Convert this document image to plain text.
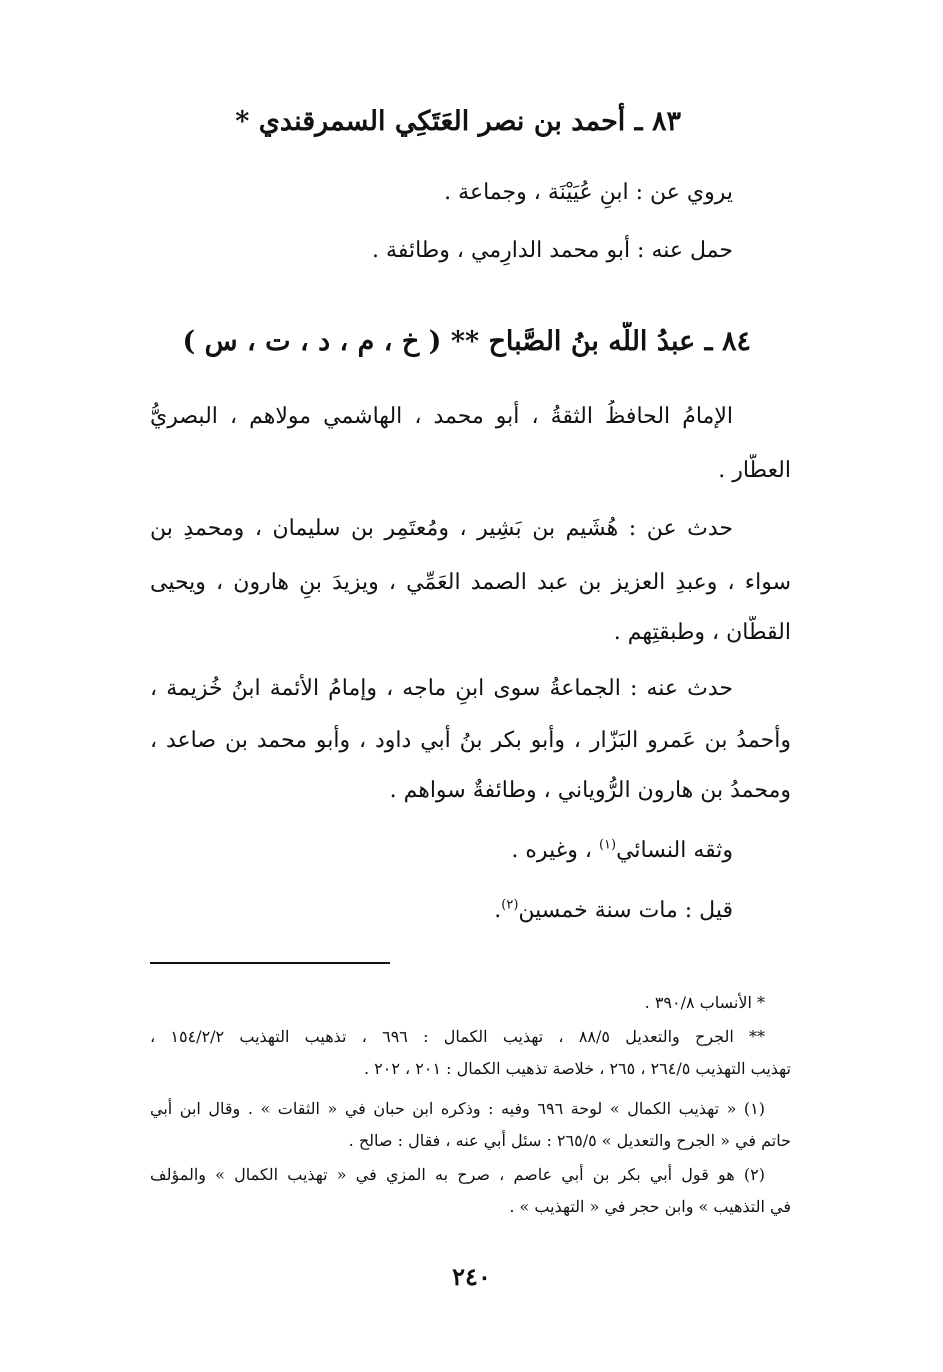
٨٣ ـ أحمد بن نصر العَتَكِي السمرقندي *
يروي عن : ابنِ عُيَيْنَة ، وجماعة .
حمل عنه : أبو محمد الدارِمي ، وطائفة .
٨٤ ـ عبدُ اللّه بنُ الصَّباح ** ( خ ، م ، د ، ت ، س )
الإمامُ الحافظُ الثقةُ ، أبو محمد ، الهاشمي مولاهم ، البصريُّ
العطّار .
حدث عن : هُشَيم بن بَشِير ، ومُعتَمِر بن سليمان ، ومحمدِ بن
سواء ، وعبدِ العزيز بن عبد الصمد العَمِّي ، ويزيدَ بنِ هارون ، ويحيى
القطّان ، وطبقتِهم .
حدث عنه : الجماعةُ سوى ابنِ ماجه ، وإمامُ الأئمة ابنُ خُزيمة ،
وأحمدُ بن عَمرو البَزّار ، وأبو بكر بنُ أبي داود ، وأبو محمد بن صاعد ،
ومحمدُ بن هارون الرُّوياني ، وطائفةٌ سواهم .
وثقه النسائي$^{(١)}$ ، وغيره .
قيل : مات سنة خمسين$^{(٢)}$.
* الأنساب ٣٩٠/٨ .
** الجرح والتعديل ٨٨/٥ ، تهذيب الكمال : ٦٩٦ ، تذهيب التهذيب ١٥٤/٢/٢ ،
تهذيب التهذيب ٢٦٤/٥ ، ٢٦٥ ، خلاصة تذهيب الكمال : ٢٠١ ، ٢٠٢ .
(١) « تهذيب الكمال » لوحة ٦٩٦ وفيه : وذكره ابن حبان في « الثقات » . وقال ابن أبي
حاتم في « الجرح والتعديل » ٢٦٥/٥ : سئل أبي عنه ، فقال : صالح .
(٢) هو قول أبي بكر بن أبي عاصم ، صرح به المزي في « تهذيب الكمال » والمؤلف
في التذهيب » وابن حجر في « التهذيب » .
٢٤٠
